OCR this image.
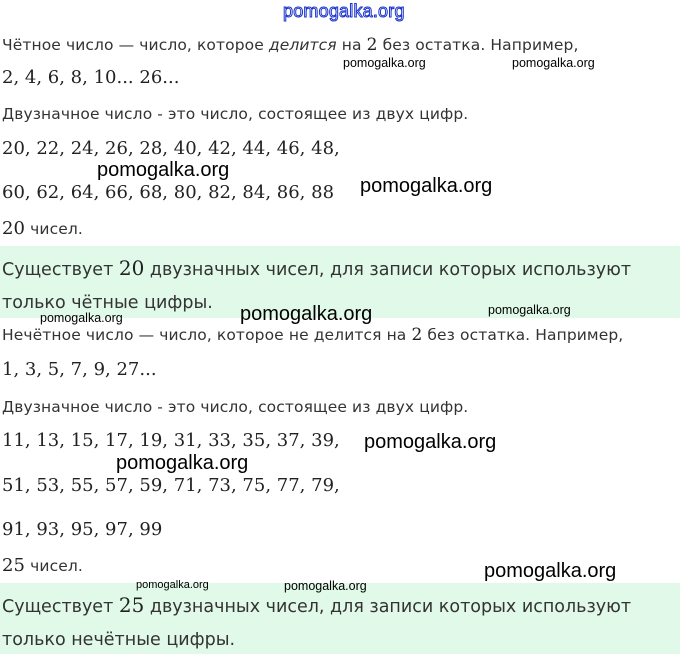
pomogalka.org
Чётное число — число, которое делится на 2 без остатка. Например,
2, 4, 6, 8, 10... 26...
pomogalka.org	pomogalka.org
Двузначное число - это число, состоящее из двух цифр.
20, 22, 24, 26, 28, 40, 42, 44, 46, 48,
pomogalka.org
60, 62, 64, 66, 68, 80, 82, 84, 86, 88 pomogalka.org
20 чисел.
Существует 20 двузначных чисел, для записи которых используют
только чётные цифры. pomogalka.org	pomogalka.org
Нечётное число — число, которое не делится на 2 без остатка. Например,
pomogalka.org
1, 3, 5, 7, 9, 27...
Двузначное число - это число, состоящее из двух цифр.
11, 13, 15, 17, 19, 31, 33, 35, 37, 39, pomogalka.org
pomogalka.org
51, 53, 55, 57, 59, 71, 73, 75, 77, 79,
91, 93, 95, 97, 99
25 чисел.	pomogalka.org
pomogalka.org	pomogalka.org
Существует 25 двузначных чисел, для записи которых используют
только нечётные цифры.
